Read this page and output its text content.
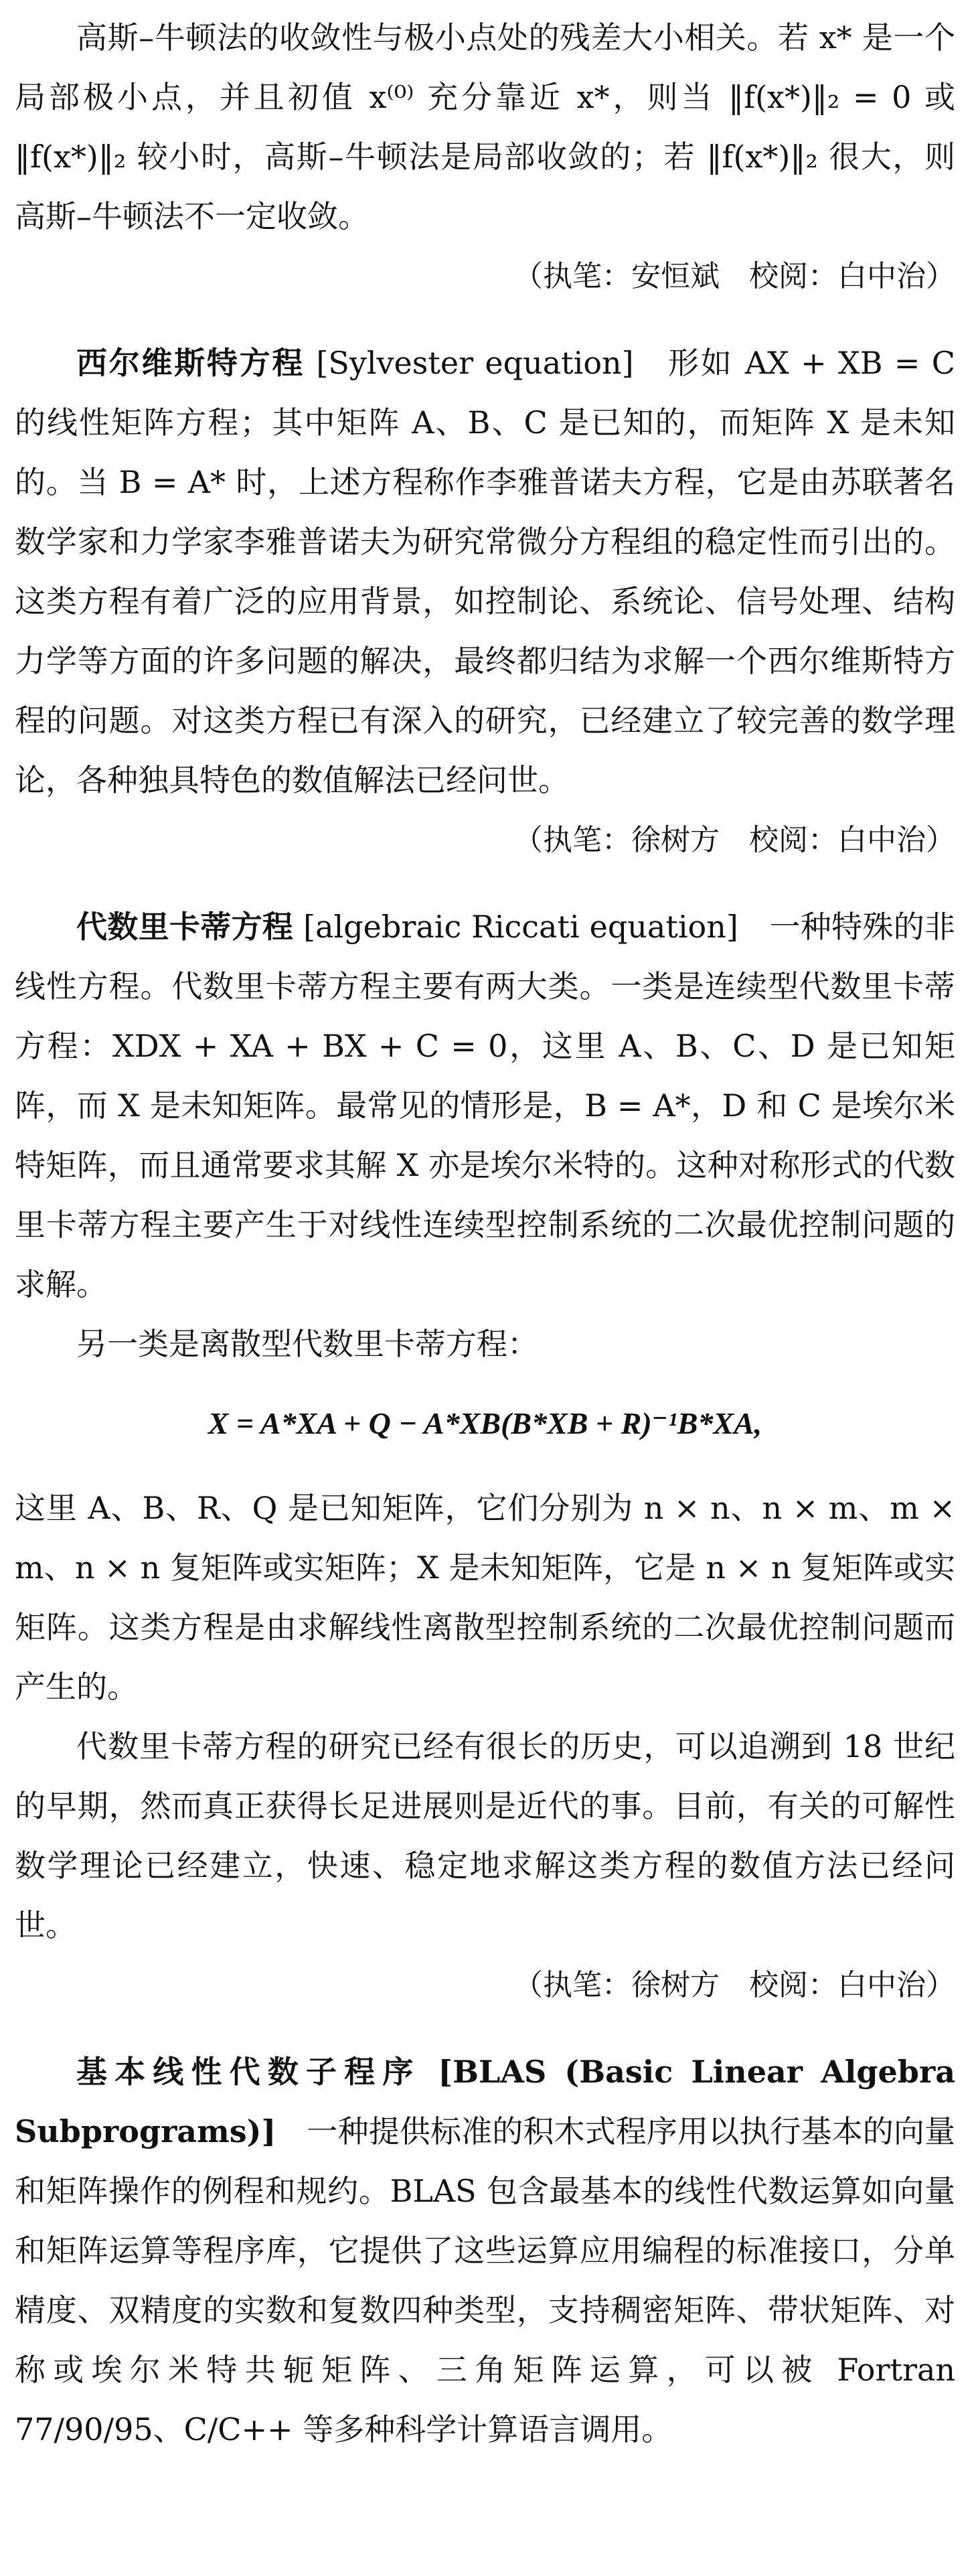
高斯–牛顿法的收敛性与极小点处的残差大小相关。若 x* 是一个局部极小点，并且初值 x⁽⁰⁾ 充分靠近 x*，则当 ‖f(x*)‖₂ = 0 或 ‖f(x*)‖₂ 较小时，高斯–牛顿法是局部收敛的；若 ‖f(x*)‖₂ 很大，则高斯–牛顿法不一定收敛。

（执笔：安恒斌　校阅：白中治）

西尔维斯特方程 [Sylvester equation]　 形如 AX + XB = C 的线性矩阵方程；其中矩阵 A、B、C 是已知的，而矩阵 X 是未知的。当 B = A* 时，上述方程称作李雅普诺夫方程，它是由苏联著名数学家和力学家李雅普诺夫为研究常微分方程组的稳定性而引出的。这类方程有着广泛的应用背景，如控制论、系统论、信号处理、结构力学等方面的许多问题的解决，最终都归结为求解一个西尔维斯特方程的问题。对这类方程已有深入的研究，已经建立了较完善的数学理论，各种独具特色的数值解法已经问世。

（执笔：徐树方　校阅：白中治）

代数里卡蒂方程 [algebraic Riccati equation]　 一种特殊的非线性方程。代数里卡蒂方程主要有两大类。一类是连续型代数里卡蒂方程：XDX + XA + BX + C = 0，这里 A、B、C、D 是已知矩阵，而 X 是未知矩阵。最常见的情形是，B = A*，D 和 C 是埃尔米特矩阵，而且通常要求其解 X 亦是埃尔米特的。这种对称形式的代数里卡蒂方程主要产生于对线性连续型控制系统的二次最优控制问题的求解。

另一类是离散型代数里卡蒂方程：

X = A*XA + Q − A*XB(B*XB + R)⁻¹B*XA,

这里 A、B、R、Q 是已知矩阵，它们分别为 n × n、n × m、m × m、n × n 复矩阵或实矩阵；X 是未知矩阵，它是 n × n 复矩阵或实矩阵。这类方程是由求解线性离散型控制系统的二次最优控制问题而产生的。

代数里卡蒂方程的研究已经有很长的历史，可以追溯到 18 世纪的早期，然而真正获得长足进展则是近代的事。目前，有关的可解性数学理论已经建立，快速、稳定地求解这类方程的数值方法已经问世。

（执笔：徐树方　校阅：白中治）

基本线性代数子程序 [BLAS (Basic Linear Algebra Subprograms)]　 一种提供标准的积木式程序用以执行基本的向量和矩阵操作的例程和规约。BLAS 包含最基本的线性代数运算如向量和矩阵运算等程序库，它提供了这些运算应用编程的标准接口，分单精度、双精度的实数和复数四种类型，支持稠密矩阵、带状矩阵、对称或埃尔米特共轭矩阵、三角矩阵运算，可以被 Fortran 77/90/95、C/C++ 等多种科学计算语言调用。
